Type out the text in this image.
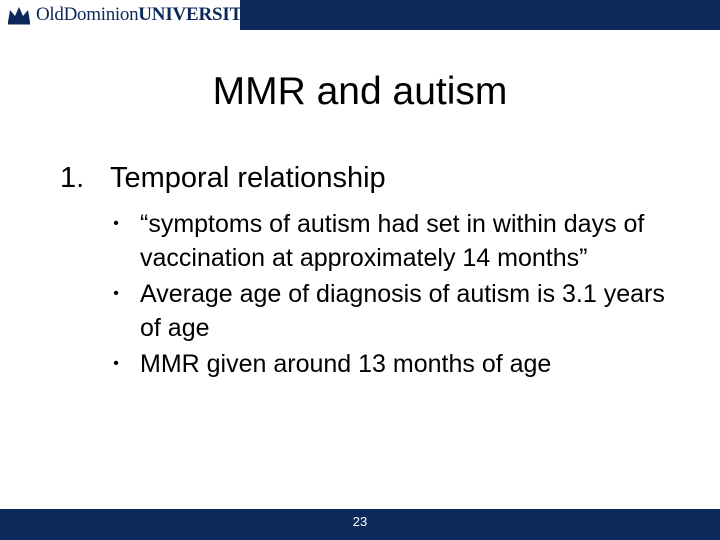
Old Dominion UNIVERSITY
MMR and autism
1. Temporal relationship
• “symptoms of autism had set in within days of vaccination at approximately 14 months”
• Average age of diagnosis of autism is 3.1 years of age
• MMR given around 13 months of age
23
